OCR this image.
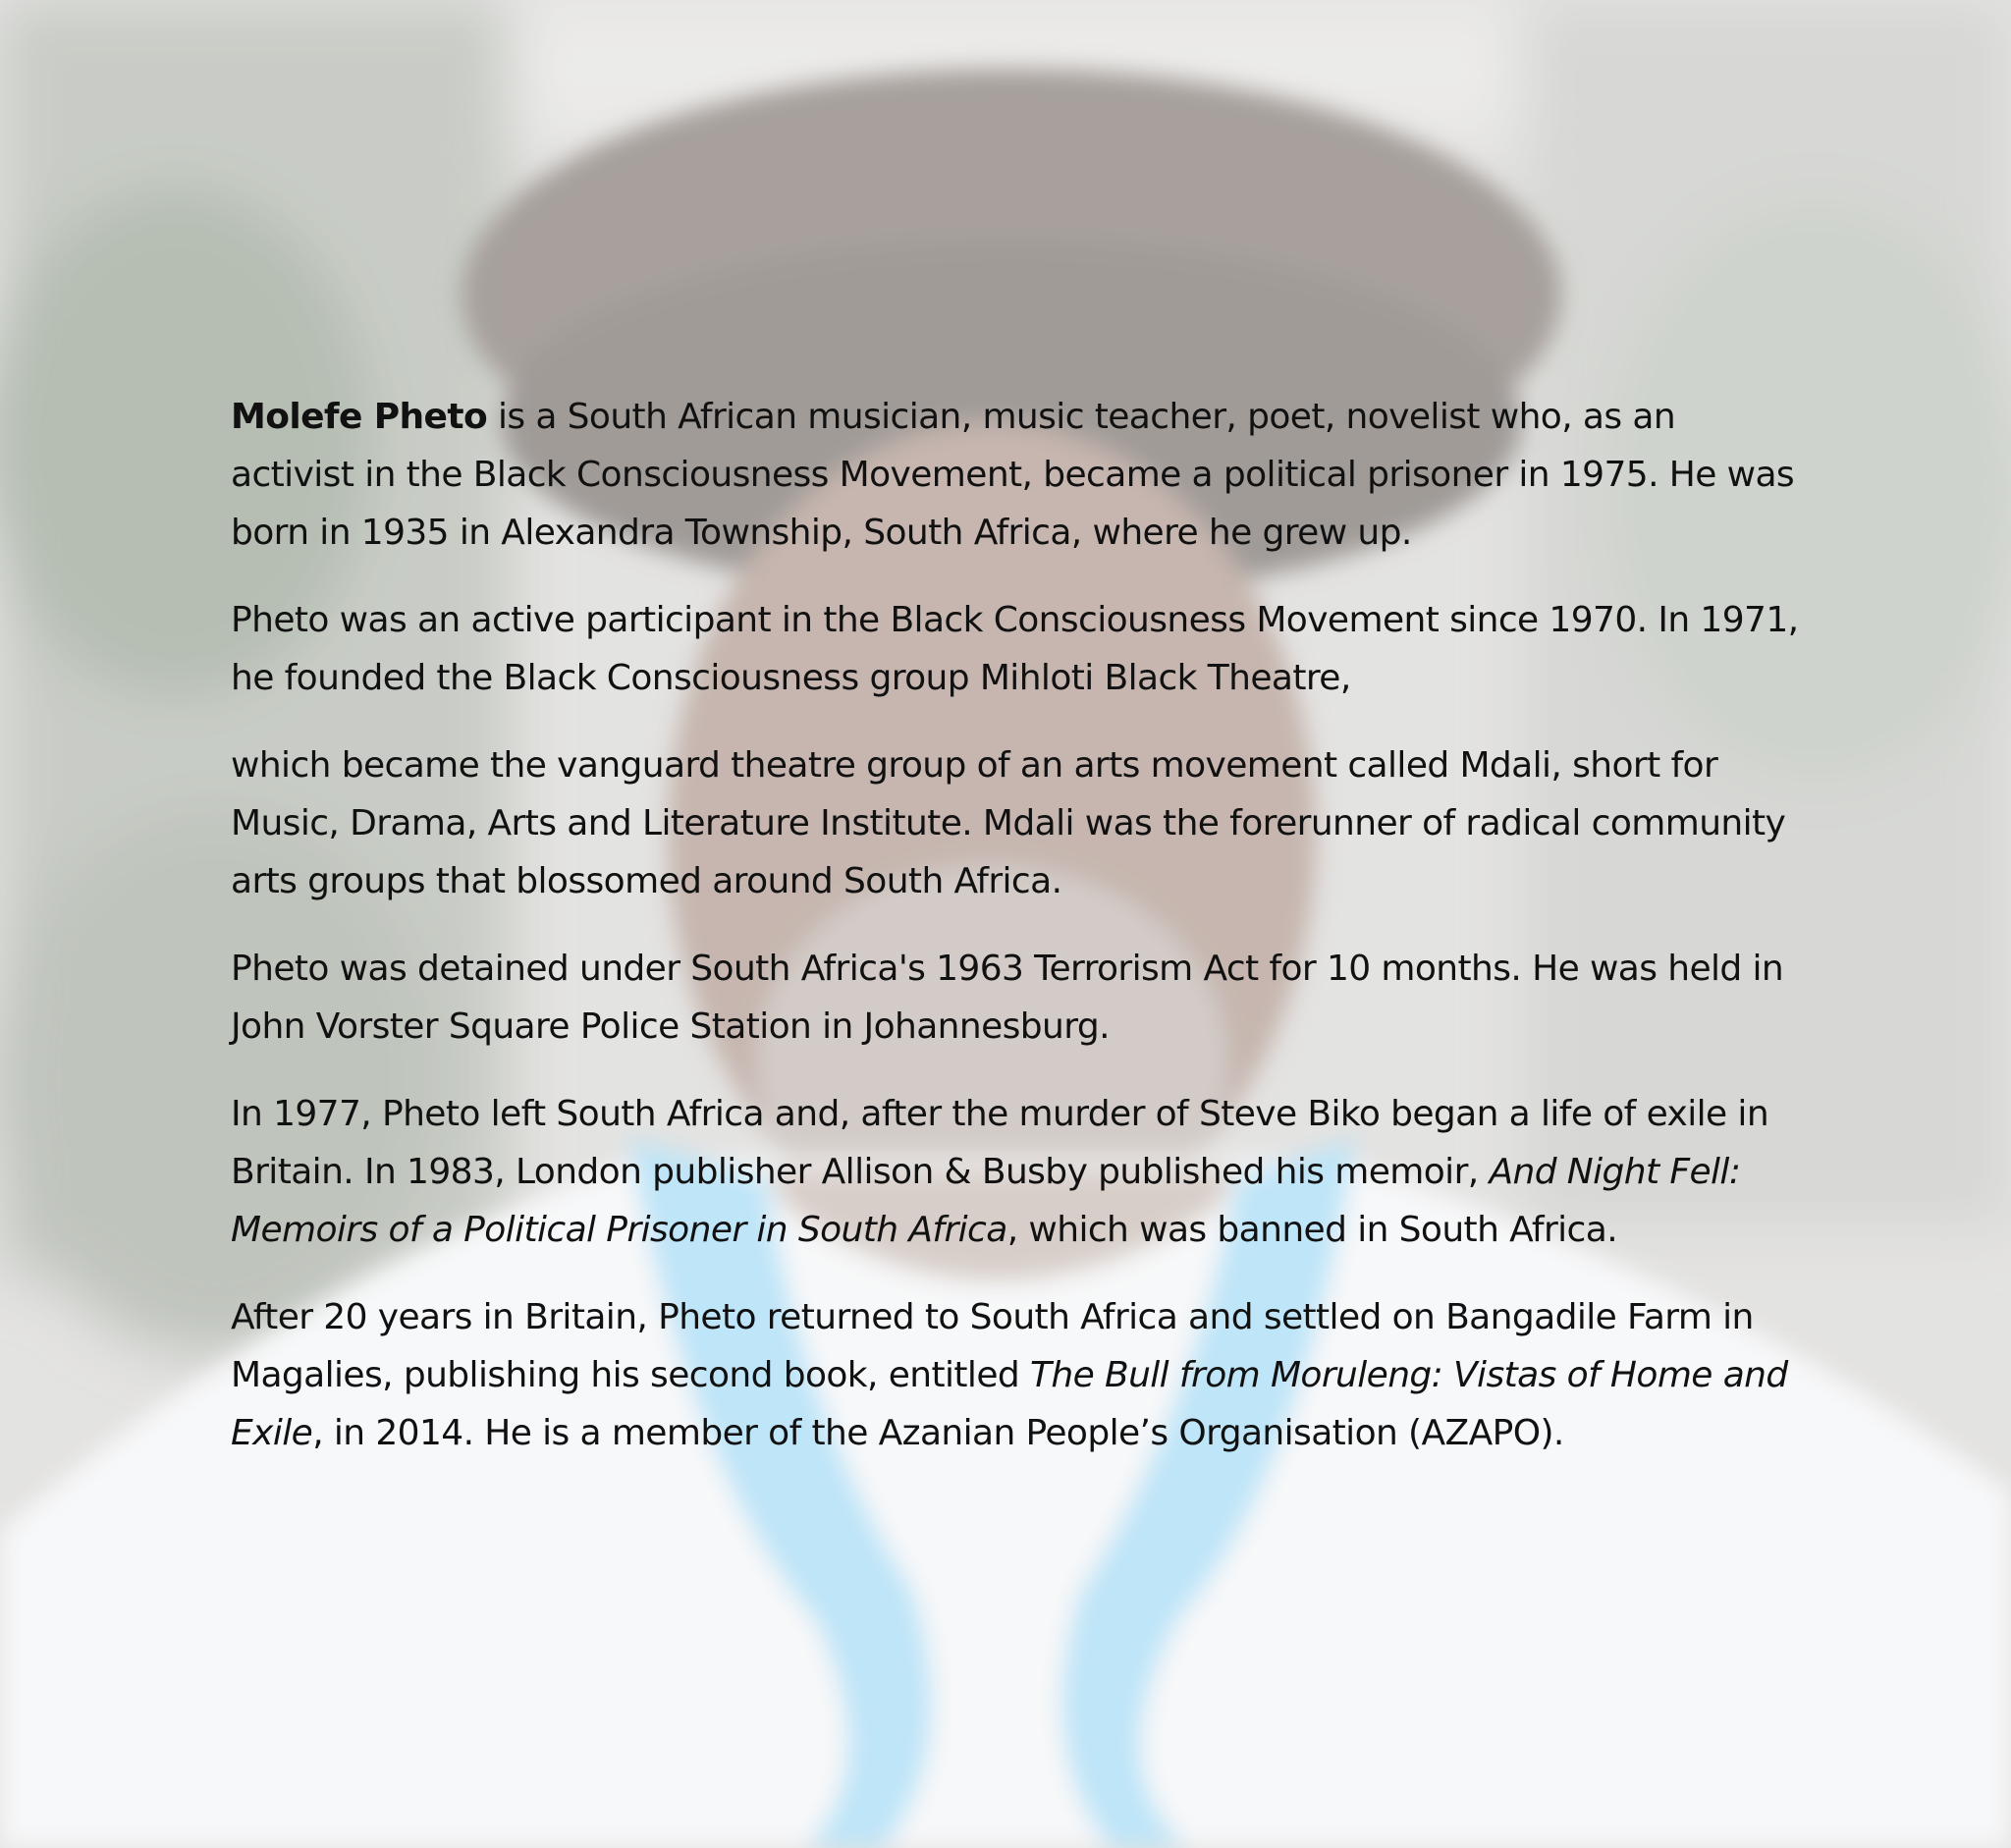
Molefe Pheto is a South African musician, music teacher, poet, novelist who, as an activist in the Black Consciousness Movement, became a political prisoner in 1975. He was born in 1935 in Alexandra Township, South Africa, where he grew up.

Pheto was an active participant in the Black Consciousness Movement since 1970. In 1971, he founded the Black Consciousness group Mihloti Black Theatre,

which became the vanguard theatre group of an arts movement called Mdali, short for Music, Drama, Arts and Literature Institute. Mdali was the forerunner of radical community arts groups that blossomed around South Africa.

Pheto was detained under South Africa's 1963 Terrorism Act for 10 months. He was held in John Vorster Square Police Station in Johannesburg.

In 1977, Pheto left South Africa and, after the murder of Steve Biko began a life of exile in Britain. In 1983, London publisher Allison & Busby published his memoir, And Night Fell: Memoirs of a Political Prisoner in South Africa, which was banned in South Africa.

After 20 years in Britain, Pheto returned to South Africa and settled on Bangadile Farm in Magalies, publishing his second book, entitled The Bull from Moruleng: Vistas of Home and Exile, in 2014. He is a member of the Azanian People’s Organisation (AZAPO).
